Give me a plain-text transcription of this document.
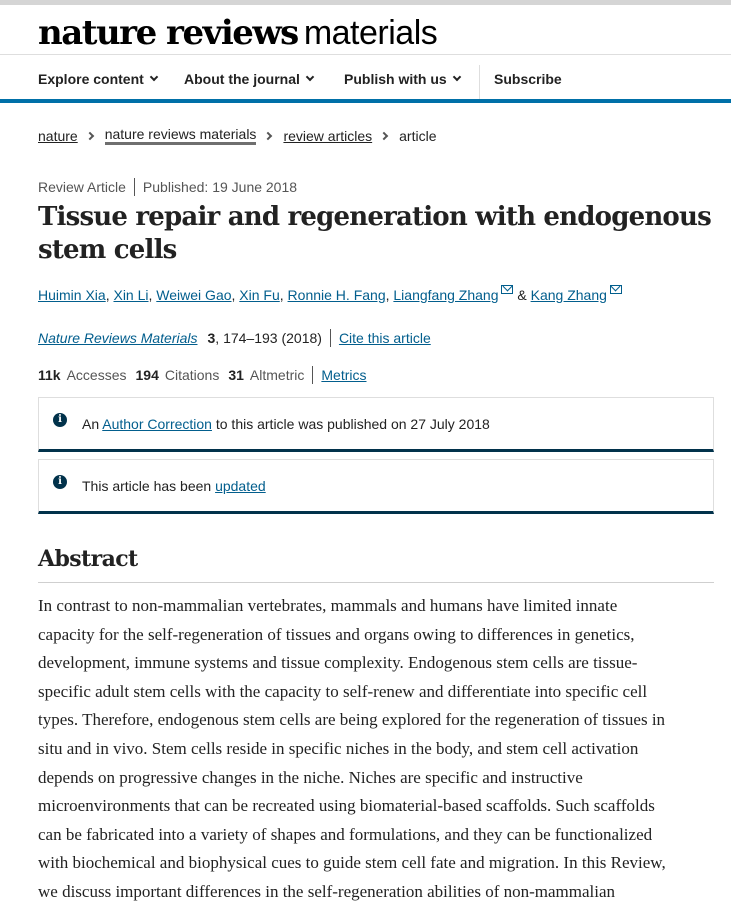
nature reviews materials
Explore content	About the journal	Publish with us	Subscribe
nature nature reviews materials review articles article
Review Article Published: 19 June 2018
Tissue repair and regeneration with endogenous stem cells
Huimin Xia, Xin Li, Weiwei Gao, Xin Fu, Ronnie H. Fang, Liangfang Zhang & Kang Zhang
Nature Reviews Materials 3 , 174–193 (2018) Cite this article
11k Accesses 194 Citations 31 Altmetric Metrics
i	An Author Correction to this article was published on 27 July 2018
i	This article has been updated
Abstract
In contrast to non-mammalian vertebrates, mammals and humans have limited innate
capacity for the self-regeneration of tissues and organs owing to differences in genetics,
development, immune systems and tissue complexity. Endogenous stem cells are tissue-
specific adult stem cells with the capacity to self-renew and differentiate into specific cell
types. Therefore, endogenous stem cells are being explored for the regeneration of tissues in
situ and in vivo. Stem cells reside in specific niches in the body, and stem cell activation
depends on progressive changes in the niche. Niches are specific and instructive
microenvironments that can be recreated using biomaterial-based scaffolds. Such scaffolds
can be fabricated into a variety of shapes and formulations, and they can be functionalized
with biochemical and biophysical cues to guide stem cell fate and migration. In this Review,
we discuss important differences in the self-regeneration abilities of non-mammalian
